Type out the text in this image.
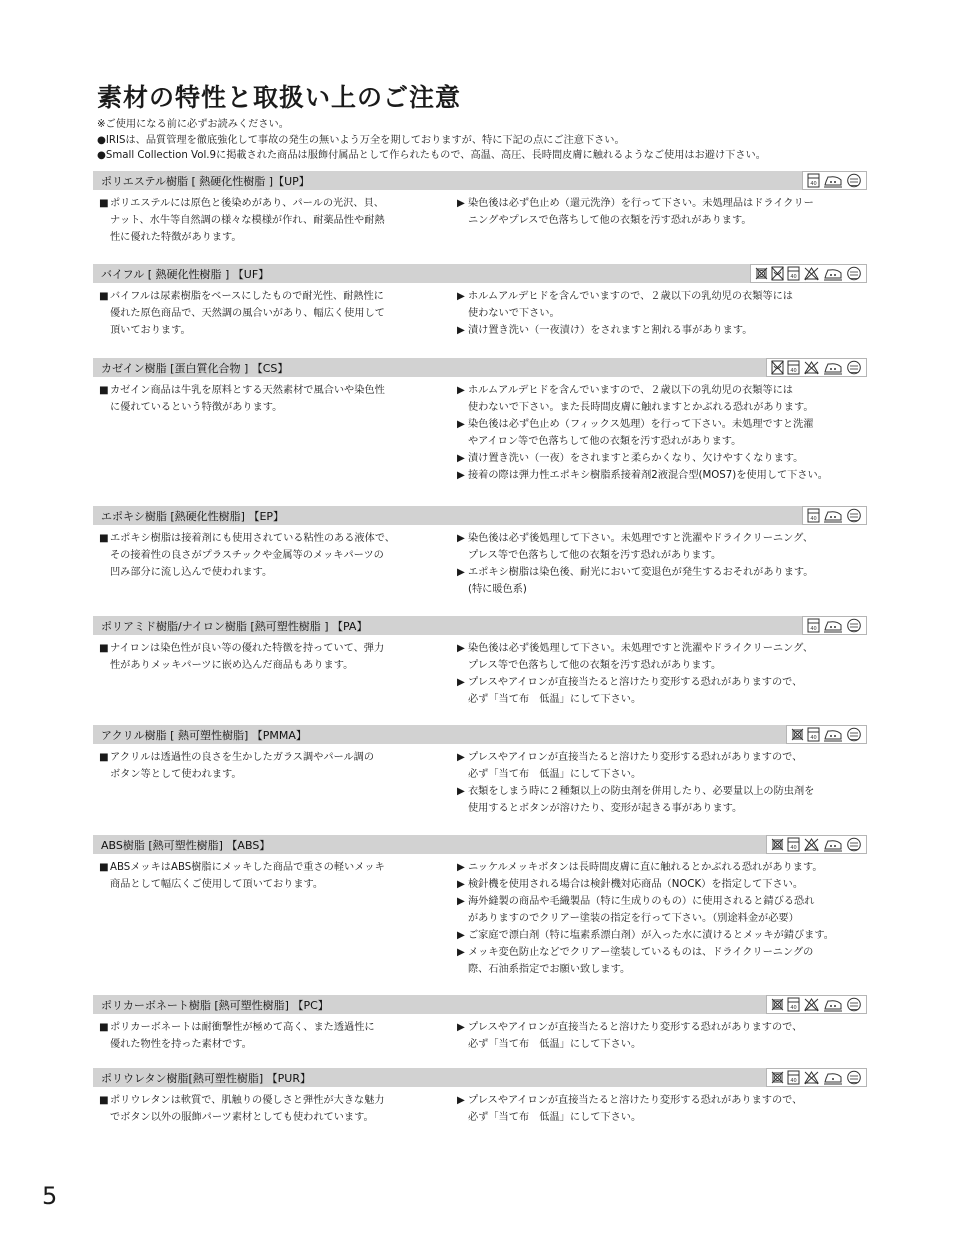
素材の特性と取扱い上のご注意
※ご使用になる前に必ずお読みください。
●IRISは、品質管理を徹底強化して事故の発生の無いよう万全を期しておりますが、特に下記の点にご注意下さい。
●Small Collection Vol.9に掲載された商品は服飾付属品として作られたもので、高温、高圧、長時間皮膚に触れるようなご使用はお避け下さい。
ポリエステル樹脂 [ 熱硬化性樹脂 ]【UP】	40
■ポリエステルには原色と後染めがあり、パールの光沢、貝、
ナット、水牛等自然調の様々な模様が作れ、耐薬品性や耐熱
性に優れた特徴があります。
▶ 染色後は必ず色止め（還元洗浄）を行って下さい。未処理品はドライクリー
ニングやプレスで色落ちして他の衣類を汚す恐れがあります。
バイフル [ 熱硬化性樹脂 ] 【UF】	40
■バイフルは尿素樹脂をベースにしたもので耐光性、耐熱性に
優れた原色商品で、天然調の風合いがあり、幅広く使用して
頂いております。
▶ ホルムアルデヒドを含んでいますので、２歳以下の乳幼児の衣類等には
使わないで下さい。
▶ 漬け置き洗い（一夜漬け）をされますと割れる事があります。
カゼイン樹脂 [蛋白質化合物 ] 【CS】	40
■カゼイン商品は牛乳を原料とする天然素材で風合いや染色性
に優れているという特徴があります。
▶ ホルムアルデヒドを含んでいますので、２歳以下の乳幼児の衣類等には
使わないで下さい。また長時間皮膚に触れますとかぶれる恐れがあります。
▶ 染色後は必ず色止め（フィックス処理）を行って下さい。未処理ですと洗濯
やアイロン等で色落ちして他の衣類を汚す恐れがあります。
▶ 漬け置き洗い（一夜）をされますと柔らかくなり、欠けやすくなります。
▶ 接着の際は弾力性エポキシ樹脂系接着剤2液混合型(MOS7)を使用して下さい。
エポキシ樹脂 [熱硬化性樹脂] 【EP】	40
■エポキシ樹脂は接着剤にも使用されている粘性のある液体で、
その接着性の良さがプラスチックや金属等のメッキパーツの
凹み部分に流し込んで使われます。
▶ 染色後は必ず後処理して下さい。未処理ですと洗濯やドライクリーニング、
プレス等で色落ちして他の衣類を汚す恐れがあります。
▶ エポキシ樹脂は染色後、耐光において変退色が発生するおそれがあります。
(特に暖色系)
ポリアミド樹脂/ナイロン樹脂 [熱可塑性樹脂 ] 【PA】	40
■ナイロンは染色性が良い等の優れた特徴を持っていて、弾力
性がありメッキパーツに嵌め込んだ商品もあります。
▶ 染色後は必ず後処理して下さい。未処理ですと洗濯やドライクリーニング、
プレス等で色落ちして他の衣類を汚す恐れがあります。
▶ プレスやアイロンが直接当たると溶けたり変形する恐れがありますので、
必ず「当て布　低温」にして下さい。
アクリル樹脂 [ 熱可塑性樹脂] 【PMMA】	40
■アクリルは透過性の良さを生かしたガラス調やパール調の
ボタン等として使われます。
▶ プレスやアイロンが直接当たると溶けたり変形する恐れがありますので、
必ず「当て布　低温」にして下さい。
▶ 衣類をしまう時に２種類以上の防虫剤を併用したり、必要量以上の防虫剤を
使用するとボタンが溶けたり、変形が起きる事があります。
ABS樹脂 [熱可塑性樹脂] 【ABS】	40
■ABSメッキはABS樹脂にメッキした商品で重さの軽いメッキ
商品として幅広くご使用して頂いております。
▶ ニッケルメッキボタンは長時間皮膚に直に触れるとかぶれる恐れがあります。
▶ 検針機を使用される場合は検針機対応商品（NOCK）を指定して下さい。
▶ 海外縫製の商品や毛織製品（特に生成りのもの）に使用されると錆びる恐れ
がありますのでクリアー塗装の指定を行って下さい。（別途料金が必要）
▶ ご家庭で漂白剤（特に塩素系漂白剤）が入った水に漬けるとメッキが錆びます。
▶ メッキ変色防止などでクリアー塗装しているものは、ドライクリーニングの
際、石油系指定でお願い致します。
ポリカーボネート樹脂 [熱可塑性樹脂] 【PC】	40
■ポリカーボネートは耐衝撃性が極めて高く、また透過性に
優れた物性を持った素材です。
▶ プレスやアイロンが直接当たると溶けたり変形する恐れがありますので、
必ず「当て布　低温」にして下さい。
ポリウレタン樹脂[熱可塑性樹脂] 【PUR】	40
■ポリウレタンは軟質で、肌触りの優しさと弾性が大きな魅力
でボタン以外の服飾パーツ素材としても使われています。
▶ プレスやアイロンが直接当たると溶けたり変形する恐れがありますので、
必ず「当て布　低温」にして下さい。
5
